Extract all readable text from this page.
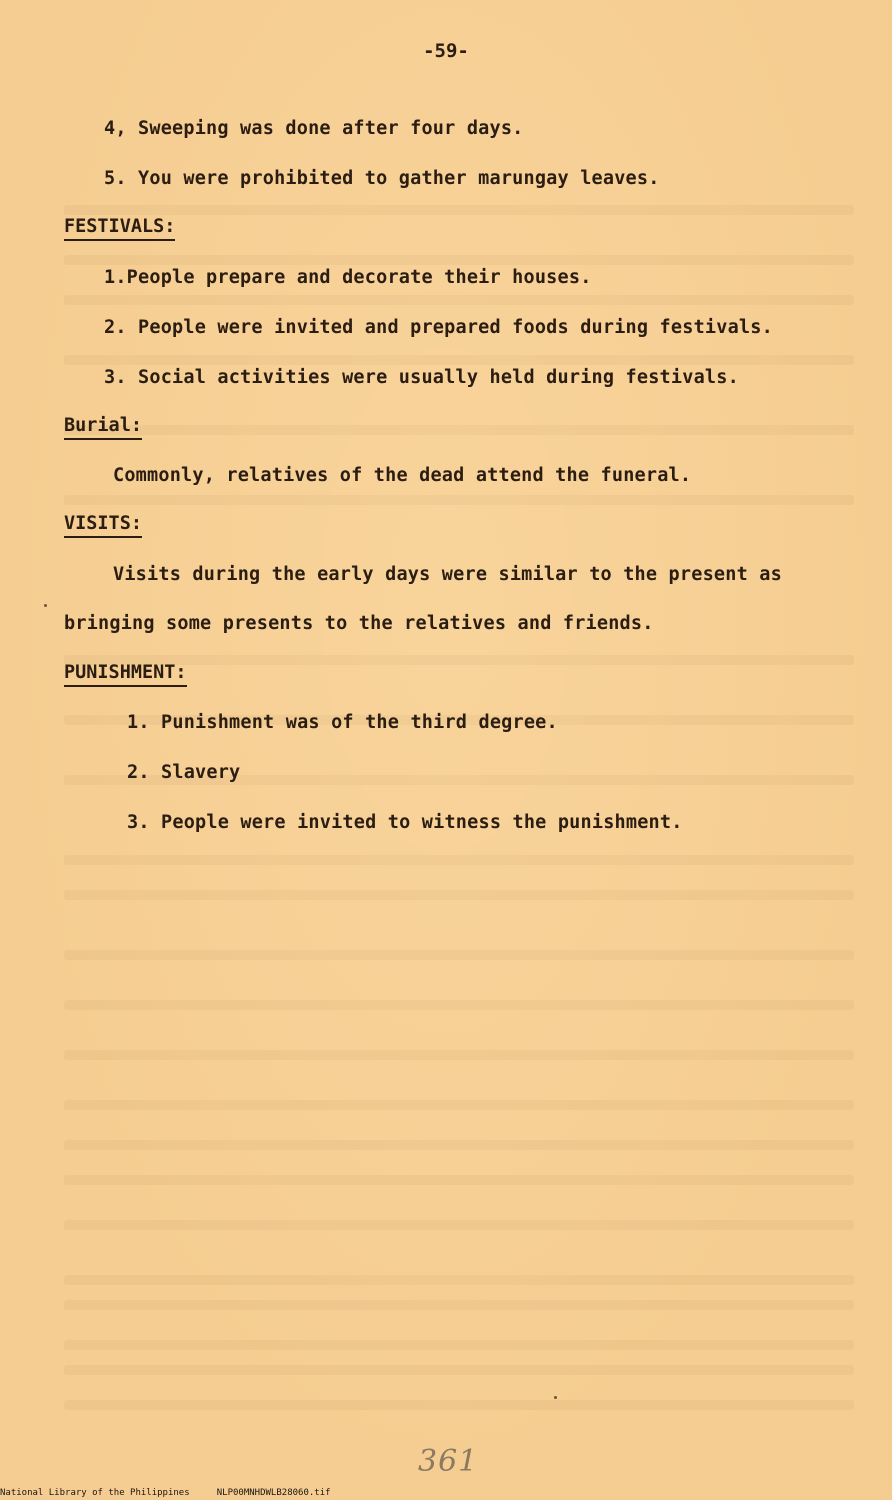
-59-
4, Sweeping was done after four days.
5. You were prohibited to gather marungay leaves.
FESTIVALS:
1.People prepare and decorate their houses.
2. People were invited and prepared foods during festivals.
3. Social activities were usually held during festivals.
Burial:
Commonly, relatives of the dead attend the funeral.
VISITS:
Visits during the early days were similar to the present as
bringing some presents to the relatives and friends.
PUNISHMENT:
1. Punishment was of the third degree.
2. Slavery
3. People were invited to witness the punishment.
361
National Library of the Philippines	NLP00MNHDWLB28060.tif
